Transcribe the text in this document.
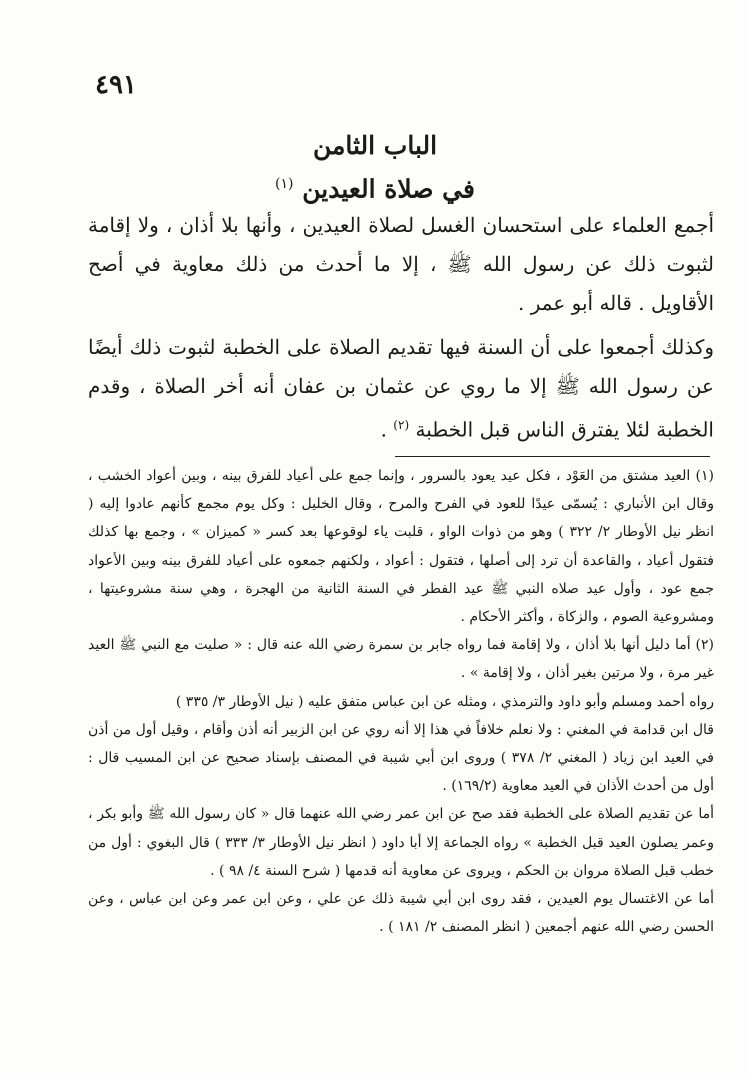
٤٩١
الباب الثامن
في صلاة العيدين $^{(١)}$
أجمع العلماء على استحسان الغسل لصلاة العيدين ، وأنها بلا أذان ، ولا إقامة لثبوت ذلك عن رسول الله ﷺ ، إلا ما أحدث من ذلك معاوية في أصح الأقاويل . قاله أبو عمر .
وكذلك أجمعوا على أن السنة فيها تقديم الصلاة على الخطبة لثبوت ذلك أيضًا عن رسول الله ﷺ إلا ما روي عن عثمان بن عفان أنه أخر الصلاة ، وقدم الخطبة لئلا يفترق الناس قبل الخطبة $^{(٢)}$ .

(١) العيد مشتق من العَوْد ، فكل عيد يعود بالسرور ، وإنما جمع على أعياد للفرق بينه ، وبين أعواد الخشب ، وقال ابن الأنباري : يُسمّى عيدًا للعود في الفرح والمرح ، وقال الخليل : وكل يوم مجمع كأنهم عادوا إليه ( انظر نيل الأوطار ٢/ ٣٢٢ ) وهو من ذوات الواو ، قلبت ياء لوقوعها بعد كسر « كميزان » ، وجمع بها كذلك فتقول أعياد ، والقاعدة أن ترد إلى أصلها ، فتقول : أعواد ، ولكنهم جمعوه على أعياد للفرق بينه وبين الأعواد جمع عود ، وأول عيد صلاه النبي ﷺ عيد الفطر في السنة الثانية من الهجرة ، وهي سنة مشروعيتها ، ومشروعية الصوم ، والزكاة ، وأكثر الأحكام .

(٢) أما دليل أنها بلا أذان ، ولا إقامة فما رواه جابر بن سمرة رضي الله عنه قال : « صليت مع النبي ﷺ العيد غير مرة ، ولا مرتين بغير أذان ، ولا إقامة » .

رواه أحمد ومسلم وأبو داود والترمذي ، ومثله عن ابن عباس متفق عليه ( نيل الأوطار ٣/ ٣٣٥ )

قال ابن قدامة في المغني : ولا نعلم خلافاً في هذا إلا أنه روي عن ابن الزبير أنه أذن وأقام ، وقيل أول من أذن في العيد ابن زياد ( المغني ٢/ ٣٧٨ ) وروى ابن أبي شيبة في المصنف بإسناد صحيح عن ابن المسيب قال : أول من أحدث الأذان في العيد معاوية (١٦٩/٢) .

أما عن تقديم الصلاة على الخطبة فقد صح عن ابن عمر رضي الله عنهما قال « كان رسول الله ﷺ وأبو بكر ، وعمر يصلون العيد قبل الخطبة » رواه الجماعة إلا أبا داود ( انظر نيل الأوطار ٣/ ٣٣٣ ) قال البغوي : أول من خطب قبل الصلاة مروان بن الحكم ، ويروى عن معاوية أنه قدمها ( شرح السنة ٤/ ٩٨ ) .

أما عن الاغتسال يوم العيدين ، فقد روى ابن أبي شيبة ذلك عن علي ، وعن ابن عمر وعن ابن عباس ، وعن الحسن رضي الله عنهم أجمعين ( انظر المصنف ٢/ ١٨١ ) .
